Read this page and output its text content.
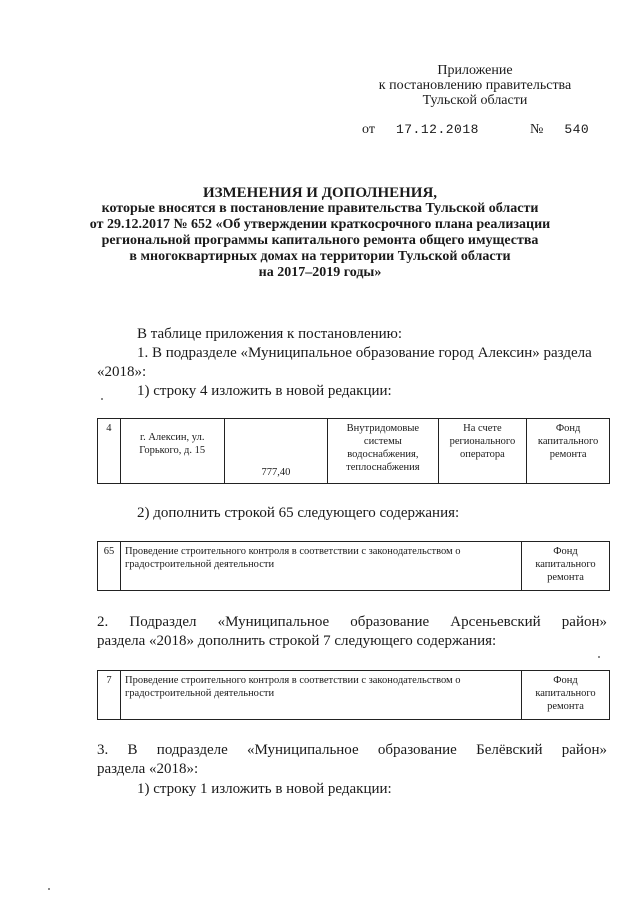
Приложение
к постановлению правительства
Тульской области
от 17.12.2018	№ 540
ИЗМЕНЕНИЯ И ДОПОЛНЕНИЯ,
которые вносятся в постановление правительства Тульской области
от 29.12.2017 № 652 «Об утверждении краткосрочного плана реализации
региональной программы капитального ремонта общего имущества
в многоквартирных домах на территории Тульской области
на 2017–2019 годы»
В таблице приложения к постановлению:
1. В подразделе «Муниципальное образование город Алексин» раздела
«2018»:
1) строку 4 изложить в новой редакции:
4	г. Алексин, ул. Горького, д. 15	777,40	Внутридомовые системы водоснабжения, теплоснабжения	На счете регионального оператора	Фонд капитального ремонта
2) дополнить строкой 65 следующего содержания:
65	Проведение строительного контроля в соответствии с законодательством о градостроительной деятельности	Фонд капитального ремонта
2. Подраздел «Муниципальное образование Арсеньевский район»
раздела «2018» дополнить строкой 7 следующего содержания:
7	Проведение строительного контроля в соответствии с законодательством о градостроительной деятельности	Фонд капитального ремонта
3. В подразделе «Муниципальное образование Белёвский район»
раздела «2018»:
1) строку 1 изложить в новой редакции:
